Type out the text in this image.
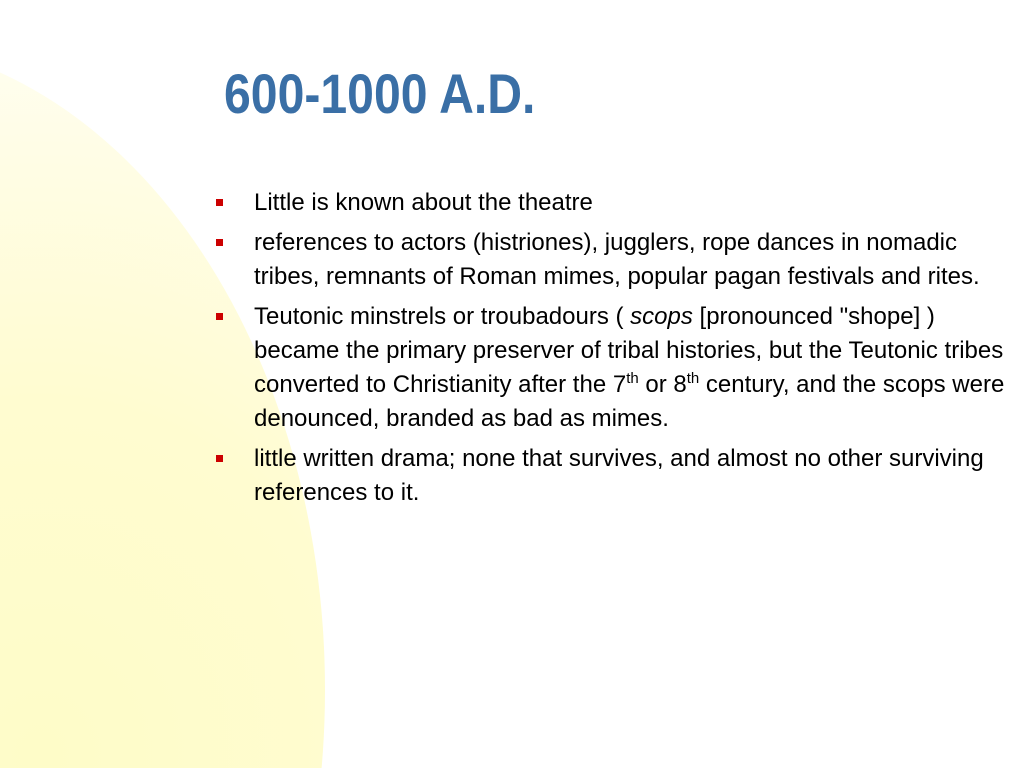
600-1000 A.D.
Little is known about the theatre
references to actors (histriones), jugglers, rope dances in nomadic tribes, remnants of Roman mimes, popular pagan festivals and rites.
Teutonic minstrels or troubadours ( scops [pronounced "shope] ) became the primary preserver of tribal histories, but the Teutonic tribes converted to Christianity after the 7th or 8th century, and the scops were denounced, branded as bad as mimes.
little written drama; none that survives, and almost no other surviving references to it.
